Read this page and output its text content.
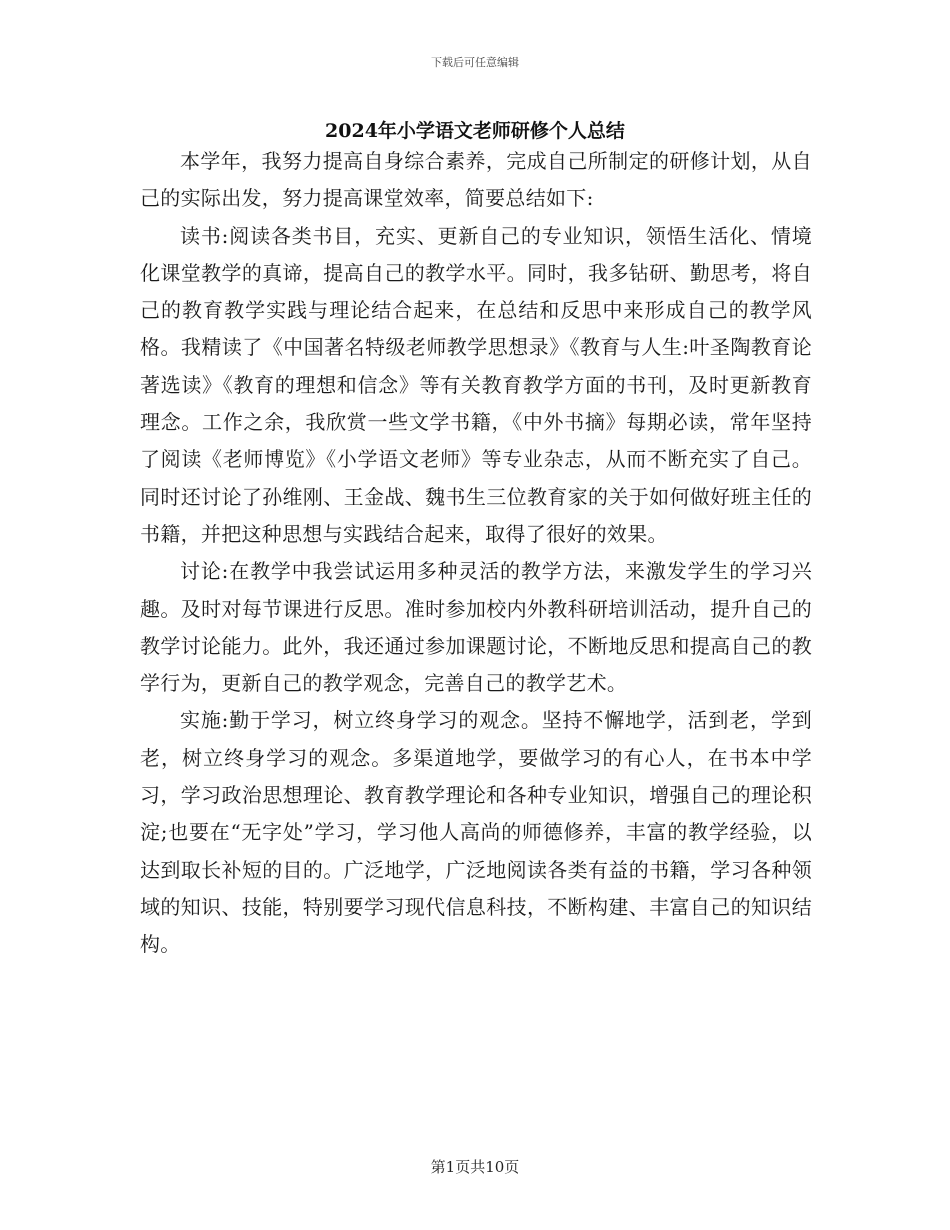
下载后可任意编辑
2024年小学语文老师研修个人总结

本学年，我努力提高自身综合素养，完成自己所制定的研修计划，从自己的实际出发，努力提高课堂效率，简要总结如下:

读书:阅读各类书目，充实、更新自己的专业知识，领悟生活化、情境化课堂教学的真谛，提高自己的教学水平。同时，我多钻研、勤思考，将自己的教育教学实践与理论结合起来，在总结和反思中来形成自己的教学风格。我精读了《中国著名特级老师教学思想录》《教育与人生:叶圣陶教育论著选读》《教育的理想和信念》等有关教育教学方面的书刊，及时更新教育理念。工作之余，我欣赏一些文学书籍，《中外书摘》每期必读，常年坚持了阅读《老师博览》《小学语文老师》等专业杂志，从而不断充实了自己。同时还讨论了孙维刚、王金战、魏书生三位教育家的关于如何做好班主任的书籍，并把这种思想与实践结合起来，取得了很好的效果。

讨论:在教学中我尝试运用多种灵活的教学方法，来激发学生的学习兴趣。及时对每节课进行反思。准时参加校内外教科研培训活动，提升自己的教学讨论能力。此外，我还通过参加课题讨论，不断地反思和提高自己的教学行为，更新自己的教学观念，完善自己的教学艺术。

实施:勤于学习，树立终身学习的观念。坚持不懈地学，活到老，学到老，树立终身学习的观念。多渠道地学，要做学习的有心人，在书本中学习，学习政治思想理论、教育教学理论和各种专业知识，增强自己的理论积淀;也要在“无字处”学习，学习他人高尚的师德修养，丰富的教学经验，以达到取长补短的目的。广泛地学，广泛地阅读各类有益的书籍，学习各种领域的知识、技能，特别要学习现代信息科技，不断构建、丰富自己的知识结构。

第1页共10页
